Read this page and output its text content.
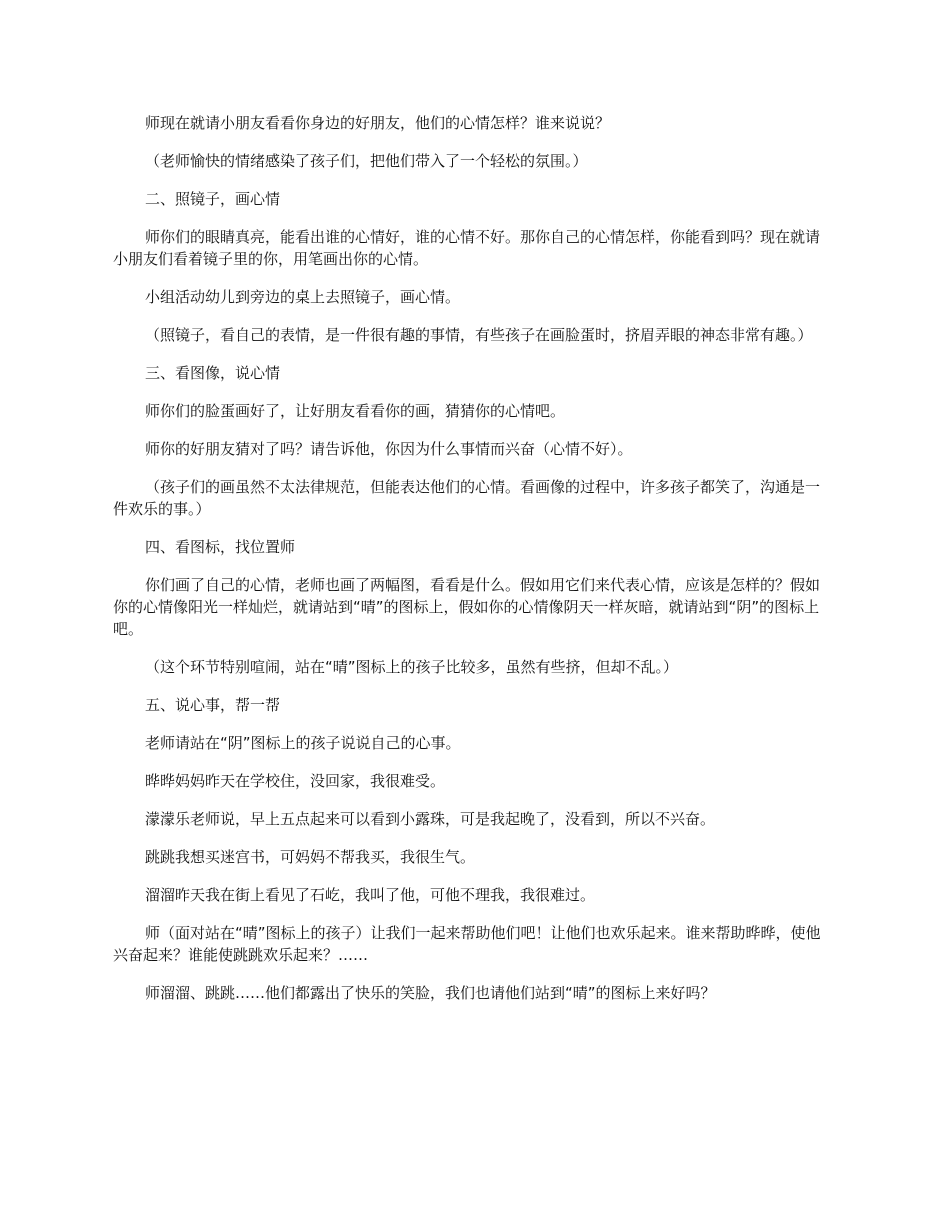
师现在就请小朋友看看你身边的好朋友，他们的心情怎样？谁来说说？

（老师愉快的情绪感染了孩子们，把他们带入了一个轻松的氛围。）

二、照镜子，画心情

师你们的眼睛真亮，能看出谁的心情好，谁的心情不好。那你自己的心情怎样，你能看到吗？现在就请小朋友们看着镜子里的你，用笔画出你的心情。

小组活动幼儿到旁边的桌上去照镜子，画心情。

（照镜子，看自己的表情，是一件很有趣的事情，有些孩子在画脸蛋时，挤眉弄眼的神态非常有趣。）

三、看图像，说心情

师你们的脸蛋画好了，让好朋友看看你的画，猜猜你的心情吧。

师你的好朋友猜对了吗？请告诉他，你因为什么事情而兴奋（心情不好）。

（孩子们的画虽然不太法律规范，但能表达他们的心情。看画像的过程中，许多孩子都笑了，沟通是一件欢乐的事。）

四、看图标，找位置师

你们画了自己的心情，老师也画了两幅图，看看是什么。假如用它们来代表心情，应该是怎样的？假如你的心情像阳光一样灿烂，就请站到“晴”的图标上，假如你的心情像阴天一样灰暗，就请站到“阴”的图标上吧。

（这个环节特别喧闹，站在“晴”图标上的孩子比较多，虽然有些挤，但却不乱。）

五、说心事，帮一帮

老师请站在“阴”图标上的孩子说说自己的心事。

晔晔妈妈昨天在学校住，没回家，我很难受。

濛濛乐老师说，早上五点起来可以看到小露珠，可是我起晚了，没看到，所以不兴奋。

跳跳我想买迷宫书，可妈妈不帮我买，我很生气。

溜溜昨天我在街上看见了石屹，我叫了他，可他不理我，我很难过。

师（面对站在“晴”图标上的孩子）让我们一起来帮助他们吧！让他们也欢乐起来。谁来帮助晔晔，使他兴奋起来？谁能使跳跳欢乐起来？……

师溜溜、跳跳……他们都露出了快乐的笑脸，我们也请他们站到“晴”的图标上来好吗？
